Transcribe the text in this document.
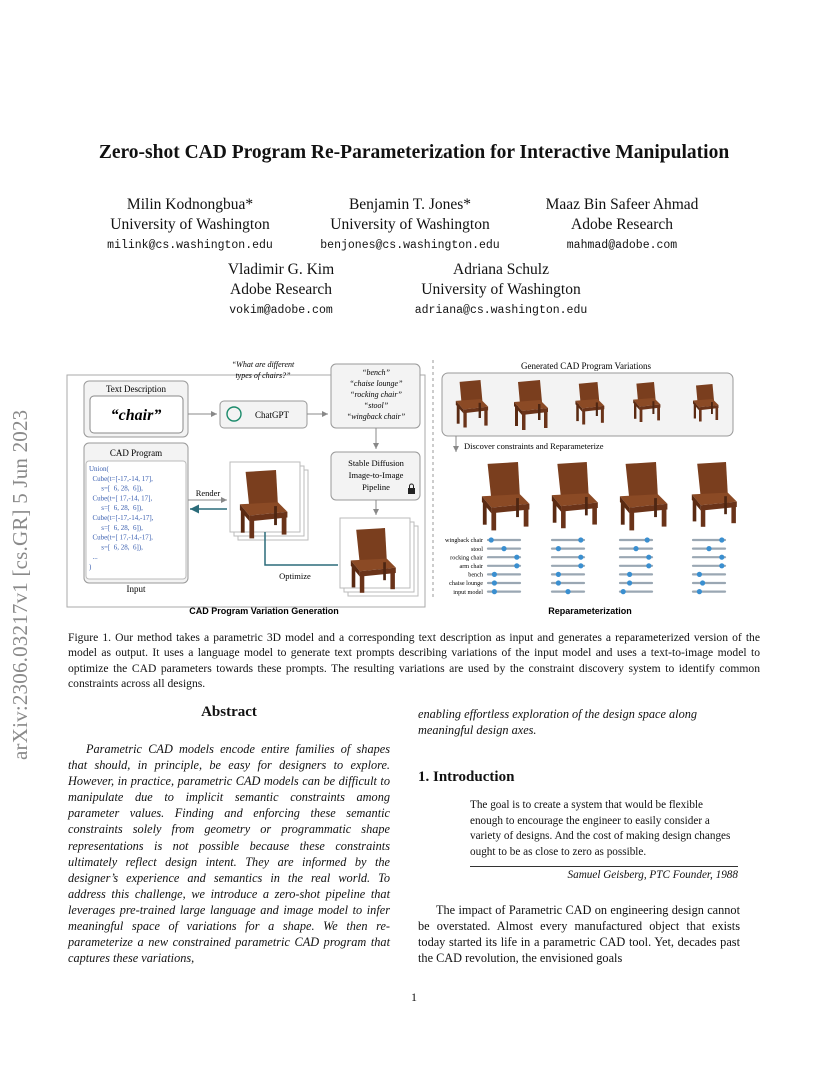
arXiv:2306.03217v1 [cs.GR] 5 Jun 2023
Zero-shot CAD Program Re-Parameterization for Interactive Manipulation
Milin Kodnongbua*
University of Washington
milink@cs.washington.edu
Benjamin T. Jones*
University of Washington
benjones@cs.washington.edu
Maaz Bin Safeer Ahmad
Adobe Research
mahmad@adobe.com
Vladimir G. Kim
Adobe Research
vokim@adobe.com
Adriana Schulz
University of Washington
adriana@cs.washington.edu
Text Description
“chair”
CAD Program
Union(
Cube(t=[-17,-14, 17],
s=[  6, 28,  6]),
Cube(t=[ 17,-14, 17],
s=[  6, 28,  6]),
Cube(t=[-17,-14,-17],
s=[  6, 28,  6]),
Cube(t=[ 17,-14,-17],
s=[  6, 28,  6]),
...
)
Input
“What are different
types of chairs?”
ChatGPT
“bench”
“chaise lounge”
“rocking chair”
“stool”
“wingback chair”
Stable Diffusion
Image-to-Image
Pipeline
Render
Optimize
CAD Program Variation Generation
Generated CAD Program Variations
Discover constraints and Reparameterize
wingback chair
stool
rocking chair
arm chair
bench
chaise lounge
input model
Reparameterization
Figure 1. Our method takes a parametric 3D model and a corresponding text description as input and generates a reparameterized version of the model as output. It uses a language model to generate text prompts describing variations of the input model and uses a text-to-image model to optimize the CAD parameters towards these prompts. The resulting variations are used by the constraint discovery system to identify common constraints across all designs.
Abstract
Parametric CAD models encode entire families of shapes that should, in principle, be easy for designers to explore. However, in practice, parametric CAD models can be difficult to manipulate due to implicit semantic constraints among parameter values. Finding and enforcing these semantic constraints solely from geometry or programmatic shape representations is not possible because these constraints ultimately reflect design intent. They are informed by the designer’s experience and semantics in the real world. To address this challenge, we introduce a zero-shot pipeline that leverages pre-trained large language and image model to infer meaningful space of variations for a shape. We then re-parameterize a new constrained parametric CAD program that captures these variations,
enabling effortless exploration of the design space along meaningful design axes.
1. Introduction
The goal is to create a system that would be flexible enough to encourage the engineer to easily consider a variety of designs. And the cost of making design changes ought to be as close to zero as possible.
Samuel Geisberg, PTC Founder, 1988
The impact of Parametric CAD on engineering design cannot be overstated. Almost every manufactured object that exists today started its life in a parametric CAD tool. Yet, decades past the CAD revolution, the envisioned goals
1
